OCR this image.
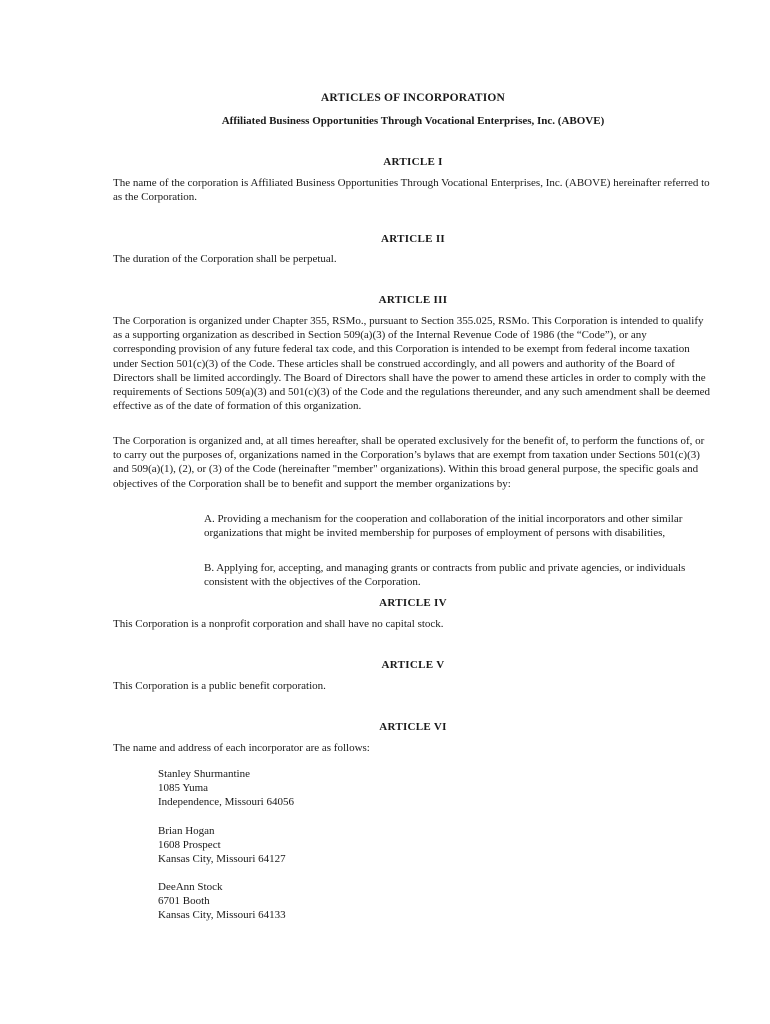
ARTICLES OF INCORPORATION
Affiliated Business Opportunities Through Vocational Enterprises, Inc. (ABOVE)
ARTICLE I

The name of the corporation is Affiliated Business Opportunities Through Vocational Enterprises, Inc. (ABOVE) hereinafter referred to as the Corporation.

ARTICLE II

The duration of the Corporation shall be perpetual.

ARTICLE III

The Corporation is organized under Chapter 355, RSMo., pursuant to Section 355.025, RSMo. This Corporation is intended to qualify as a supporting organization as described in Section 509(a)(3) of the Internal Revenue Code of 1986 (the “Code”), or any corresponding provision of any future federal tax code, and this Corporation is intended to be exempt from federal income taxation under Section 501(c)(3) of the Code. These articles shall be construed accordingly, and all powers and authority of the Board of Directors shall be limited accordingly. The Board of Directors shall have the power to amend these articles in order to comply with the requirements of Sections 509(a)(3) and 501(c)(3) of the Code and the regulations thereunder, and any such amendment shall be deemed effective as of the date of formation of this organization.

The Corporation is organized and, at all times hereafter, shall be operated exclusively for the benefit of, to perform the functions of, or to carry out the purposes of, organizations named in the Corporation’s bylaws that are exempt from taxation under Sections 501(c)(3) and 509(a)(1), (2), or (3) of the Code (hereinafter "member" organizations). Within this broad general purpose, the specific goals and objectives of the Corporation shall be to benefit and support the member organizations by:

A. Providing a mechanism for the cooperation and collaboration of the initial incorporators and other similar organizations that might be invited membership for purposes of employment of persons with disabilities,

B. Applying for, accepting, and managing grants or contracts from public and private agencies, or individuals consistent with the objectives of the Corporation.

ARTICLE IV

This Corporation is a nonprofit corporation and shall have no capital stock.

ARTICLE V

This Corporation is a public benefit corporation.

ARTICLE VI

The name and address of each incorporator are as follows:

Stanley Shurmantine
1085 Yuma
Independence, Missouri 64056
Brian Hogan
1608 Prospect
Kansas City, Missouri 64127
DeeAnn Stock
6701 Booth
Kansas City, Missouri 64133
